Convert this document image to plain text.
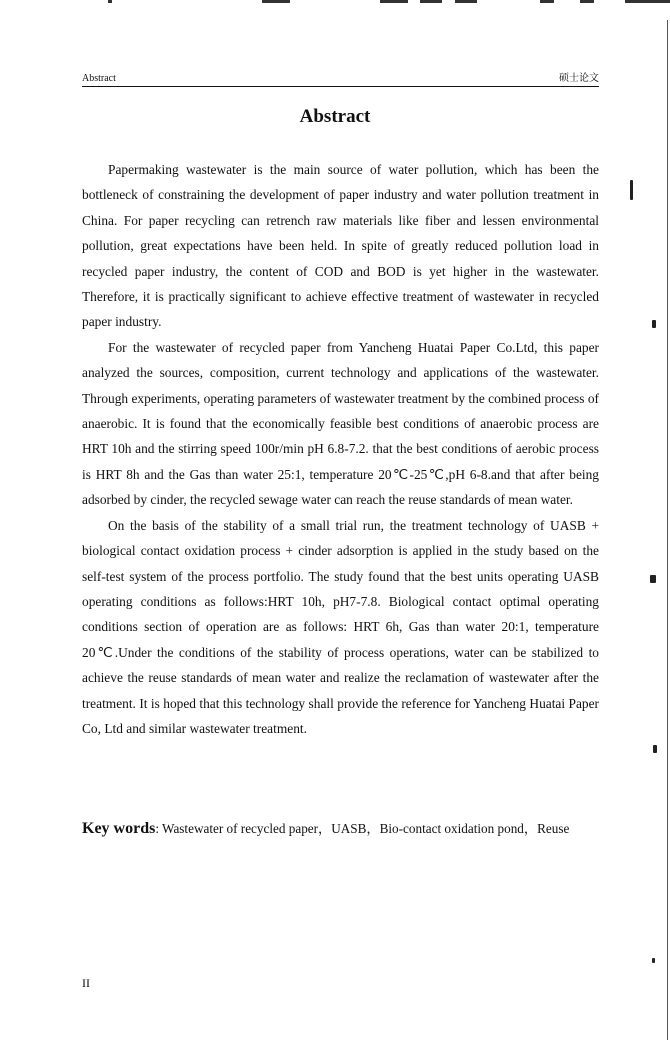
Abstract	硕士论文
Abstract

Papermaking wastewater is the main source of water pollution, which has been the bottleneck of constraining the development of paper industry and water pollution treatment in China. For paper recycling can retrench raw materials like fiber and lessen environmental pollution, great expectations have been held. In spite of greatly reduced pollution load in recycled paper industry, the content of COD and BOD is yet higher in the wastewater. Therefore, it is practically significant to achieve effective treatment of wastewater in recycled paper industry.

For the wastewater of recycled paper from Yancheng Huatai Paper Co.Ltd, this paper analyzed the sources, composition, current technology and applications of the wastewater. Through experiments, operating parameters of wastewater treatment by the combined process of anaerobic. It is found that the economically feasible best conditions of anaerobic process are HRT 10h and the stirring speed 100r/min pH 6.8-7.2. that the best conditions of aerobic process is HRT 8h and the Gas than water 25:1, temperature 20℃-25℃,pH 6-8.and that after being adsorbed by cinder, the recycled sewage water can reach the reuse standards of mean water.

On the basis of the stability of a small trial run, the treatment technology of UASB + biological contact oxidation process + cinder adsorption is applied in the study based on the self-test system of the process portfolio. The study found that the best units operating UASB operating conditions as follows:HRT 10h, pH7-7.8. Biological contact optimal operating conditions section of operation are as follows: HRT 6h, Gas than water 20:1, temperature 20℃.Under the conditions of the stability of process operations, water can be stabilized to achieve the reuse standards of mean water and realize the reclamation of wastewater after the treatment. It is hoped that this technology shall provide the reference for Yancheng Huatai Paper Co, Ltd and similar wastewater treatment.

Key words: Wastewater of recycled paper，UASB，Bio-contact oxidation pond，Reuse
II
